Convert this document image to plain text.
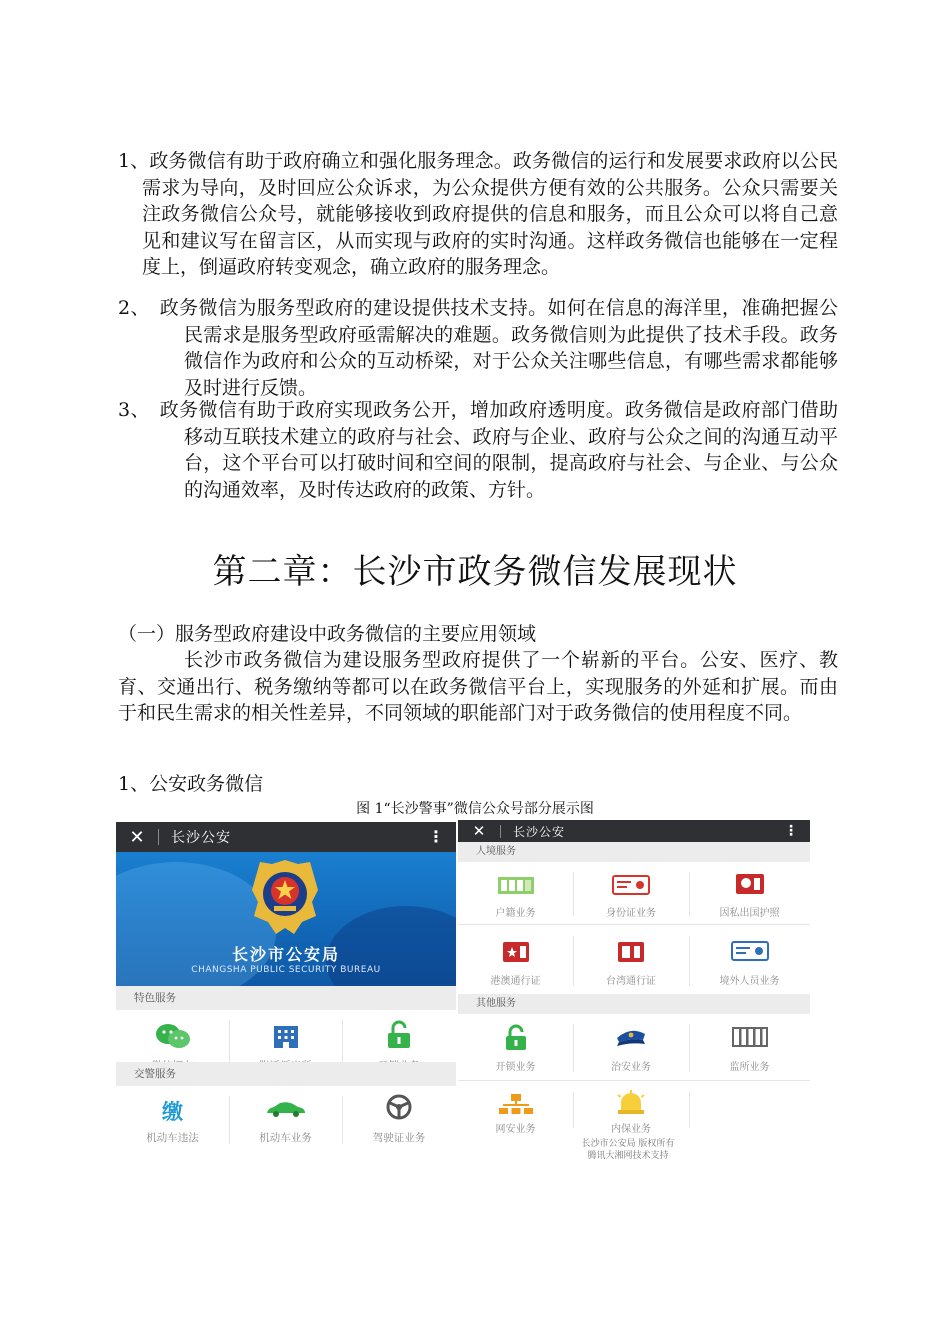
1、政务微信有助于政府确立和强化服务理念。政务微信的运行和发展要求政府以公民需求为导向，及时回应公众诉求，为公众提供方便有效的公共服务。公众只需要关注政务微信公众号，就能够接收到政府提供的信息和服务，而且公众可以将自己意见和建议写在留言区，从而实现与政府的实时沟通。这样政务微信也能够在一定程度上，倒逼政府转变观念，确立政府的服务理念。

2、　政务微信为服务型政府的建设提供技术支持。如何在信息的海洋里，准确把握公民需求是服务型政府亟需解决的难题。政务微信则为此提供了技术手段。政务微信作为政府和公众的互动桥梁，对于公众关注哪些信息，有哪些需求都能够及时进行反馈。

3、　政务微信有助于政府实现政务公开，增加政府透明度。政务微信是政府部门借助移动互联技术建立的政府与社会、政府与企业、政府与公众之间的沟通互动平台，这个平台可以打破时间和空间的限制，提高政府与社会、与企业、与公众的沟通效率，及时传达政府的政策、方针。

第二章：长沙市政务微信发展现状
（一）服务型政府建设中政务微信的主要应用领域

长沙市政务微信为建设服务型政府提供了一个崭新的平台。公安、医疗、教育、交通出行、税务缴纳等都可以在政务微信平台上，实现服务的外延和扩展。而由于和民生需求的相关性差异，不同领域的职能部门对于政务微信的使用程度不同。

1、公安政务微信
图 1“长沙警事”微信公众号部分展示图
✕	长沙公安	⋮
长沙市公安局
CHANGSHA PUBLIC SECURITY BUREAU
特色服务
交警服务
缴
机动车违法	机动车业务	驾驶证业务
✕	长沙公安	⋮
人境服务
户籍业务	身份证业务	因私出国护照
港澳通行证	台湾通行证	境外人员业务
其他服务
开锁业务	治安业务	监所业务
网安业务	内保业务
长沙市公安局 版权所有
腾讯大湘网技术支持
